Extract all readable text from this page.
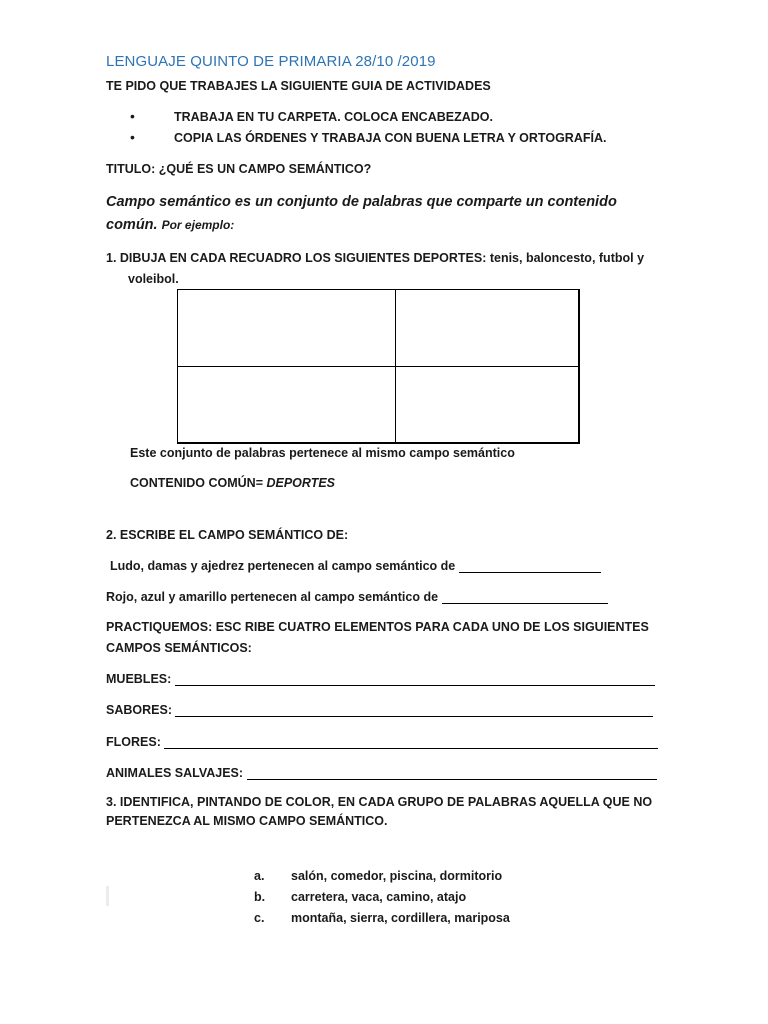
LENGUAJE QUINTO DE PRIMARIA 28/10 /2019
TE PIDO QUE TRABAJES LA SIGUIENTE GUIA DE ACTIVIDADES
•	TRABAJA EN TU CARPETA. COLOCA ENCABEZADO.
•	COPIA LAS ÓRDENES Y TRABAJA CON BUENA LETRA Y ORTOGRAFÍA.
TITULO: ¿QUÉ ES UN CAMPO SEMÁNTICO?
Campo semántico es un conjunto de palabras que comparte un contenido común. Por ejemplo:
1. DIBUJA EN CADA RECUADRO LOS SIGUIENTES DEPORTES: tenis, baloncesto, futbol y
voleibol.
Este conjunto de palabras pertenece al mismo campo semántico
CONTENIDO COMÚN= DEPORTES
2. ESCRIBE EL CAMPO SEMÁNTICO DE:
Ludo, damas y ajedrez pertenecen al campo semántico de
Rojo, azul y amarillo pertenecen al campo semántico de
PRACTIQUEMOS: ESC RIBE CUATRO ELEMENTOS PARA CADA UNO DE LOS SIGUIENTES
CAMPOS SEMÁNTICOS:
MUEBLES:
SABORES:
FLORES:
ANIMALES SALVAJES:
3. IDENTIFICA, PINTANDO DE COLOR, EN CADA GRUPO DE PALABRAS AQUELLA QUE NO
PERTENEZCA AL MISMO CAMPO SEMÁNTICO.
a. salón, comedor, piscina, dormitorio
b. carretera, vaca, camino, atajo
c. montaña, sierra, cordillera, mariposa
